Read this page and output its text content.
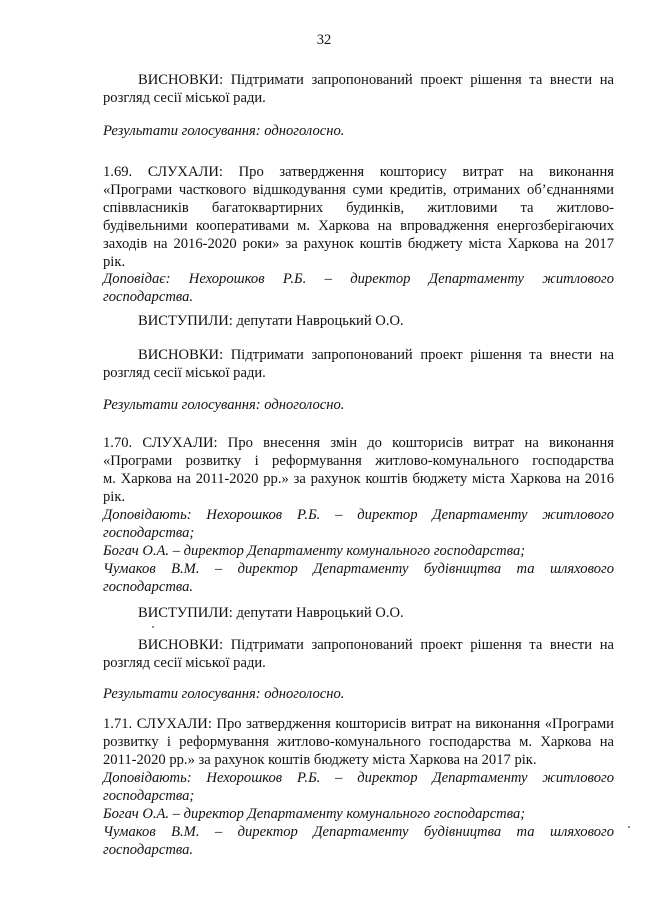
32
ВИСНОВКИ: Підтримати запропонований проект рішення та внести на
розгляд сесії міської ради.
Результати голосування: одноголосно.
1.69. СЛУХАЛИ: Про затвердження кошторису витрат на виконання
«Програми часткового відшкодування суми кредитів, отриманих об’єднаннями
співвласників багатоквартирних будинків, житловими та житлово-
будівельними кооперативами м. Харкова на впровадження енергозберігаючих
заходів на 2016-2020 роки» за рахунок коштів бюджету міста Харкова на 2017
рік.
Доповідає: Нехорошков Р.Б. – директор Департаменту житлового
господарства.
ВИСТУПИЛИ: депутати Навроцький О.О.
ВИСНОВКИ: Підтримати запропонований проект рішення та внести на
розгляд сесії міської ради.
Результати голосування: одноголосно.
1.70. СЛУХАЛИ: Про внесення змін до кошторисів витрат на виконання
«Програми розвитку і реформування житлово-комунального господарства
м. Харкова на 2011-2020 рр.» за рахунок коштів бюджету міста Харкова на 2016
рік.
Доповідають: Нехорошков Р.Б. – директор Департаменту житлового
господарства;
Богач О.А. – директор Департаменту комунального господарства;
Чумаков В.М. – директор Департаменту будівництва та шляхового
господарства.
ВИСТУПИЛИ: депутати Навроцький О.О.
ВИСНОВКИ: Підтримати запропонований проект рішення та внести на
розгляд сесії міської ради.
Результати голосування: одноголосно.
1.71. СЛУХАЛИ: Про затвердження кошторисів витрат на виконання «Програми
розвитку і реформування житлово-комунального господарства м. Харкова на
2011-2020 рр.» за рахунок коштів бюджету міста Харкова на 2017 рік.
Доповідають: Нехорошков Р.Б. – директор Департаменту житлового
господарства;
Богач О.А. – директор Департаменту комунального господарства;
Чумаков В.М. – директор Департаменту будівництва та шляхового
господарства.
